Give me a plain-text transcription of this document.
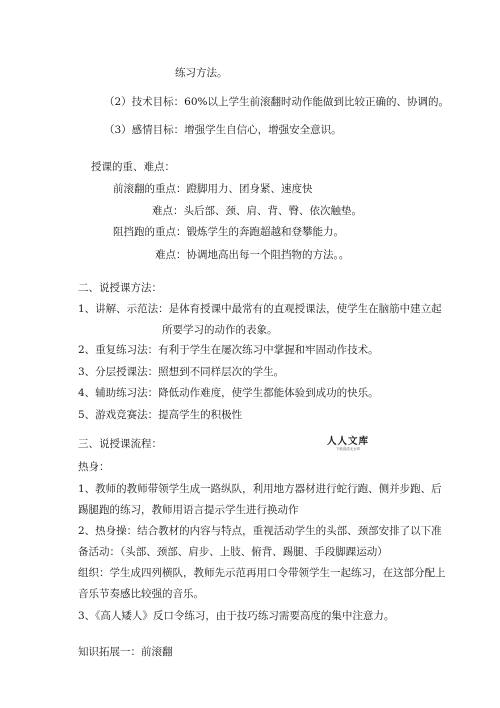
练习方法。
（2）技术目标：60%以上学生前滚翻时动作能做到比较正确的、协调的。
（3）感情目标：增强学生自信心，增强安全意识。
授课的重、难点：
前滚翻的重点：蹬脚用力、团身紧、速度快
难点：头后部、颈、肩、背、臀、依次触垫。
阻挡跑的重点：锻炼学生的奔跑超越和登攀能力。
难点：协调地高出每一个阻挡物的方法。。
二、说授课方法：
1、讲解、示范法：是体育授课中最常有的直观授课法，使学生在脑筋中建立起
所要学习的动作的表象。
2、重复练习法：有利于学生在屡次练习中掌握和牢固动作技术。
3、分层授课法：照想到不同样层次的学生。
4、辅助练习法：降低动作难度，使学生都能体验到成功的快乐。
5、游戏竞赛法：提高学生的积极性
三、说授课流程：
热身：
1、教师的教师带领学生成一路纵队，利用地方器材进行蛇行跑、侧并步跑、后
踢腿跑的练习，教师用语言提示学生进行换动作
2、热身操：结合教材的内容与特点，重视活动学生的头部、颈部安排了以下准
备活动：（头部、颈部、肩步、上肢、俯背、踢腿、手段脚踝运动）
组织：学生成四列横队，教师先示范再用口令带领学生一起练习，在这部分配上
音乐节奏感比较强的音乐。
3、《高人矮人》反口令练习，由于技巧练习需要高度的集中注意力。
知识拓展一：前滚翻
人人文库
下载高清无水印
